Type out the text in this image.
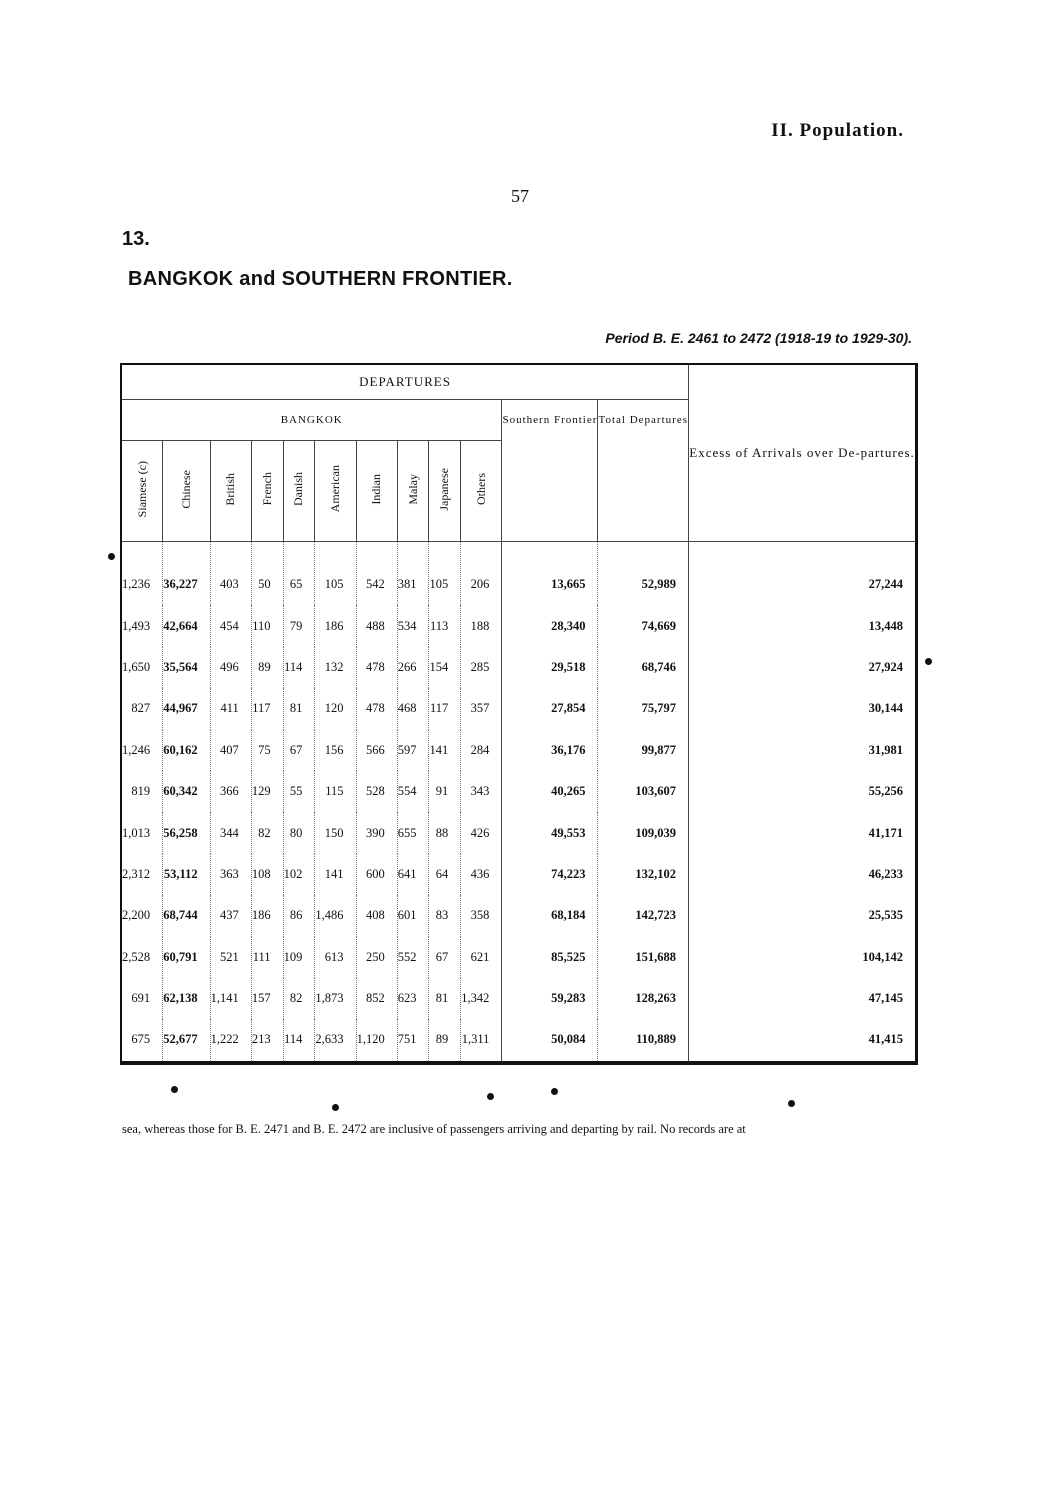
II. Population.
57
13.
BANGKOK and SOUTHERN FRONTIER.
Period B. E. 2461 to 2472 (1918-19 to 1929-30).
DEPARTURES												Excess of Arrivals over De-partures.
BANGKOK										Southern Frontier	Total Departures	
Siamese (c)	Chinese	British	French	Danish	American	Indian	Malay	Japanese	Others			
1,236	36,227	403	50	65	105	542	381	105	206	13,665	52,989	27,244
1,493	42,664	454	110	79	186	488	534	113	188	28,340	74,669	13,448
1,650	35,564	496	89	114	132	478	266	154	285	29,518	68,746	27,924
827	44,967	411	117	81	120	478	468	117	357	27,854	75,797	30,144
1,246	60,162	407	75	67	156	566	597	141	284	36,176	99,877	31,981
819	60,342	366	129	55	115	528	554	91	343	40,265	103,607	55,256
1,013	56,258	344	82	80	150	390	655	88	426	49,553	109,039	41,171
2,312	53,112	363	108	102	141	600	641	64	436	74,223	132,102	46,233
2,200	68,744	437	186	86	1,486	408	601	83	358	68,184	142,723	25,535
2,528	60,791	521	111	109	613	250	552	67	621	85,525	151,688	104,142
691	62,138	1,141	157	82	1,873	852	623	81	1,342	59,283	128,263	47,145
675	52,677	1,222	213	114	2,633	1,120	751	89	1,311	50,084	110,889	41,415
sea, whereas those for B. E. 2471 and B. E. 2472 are inclusive of passengers arriving and departing by rail. No records are at
